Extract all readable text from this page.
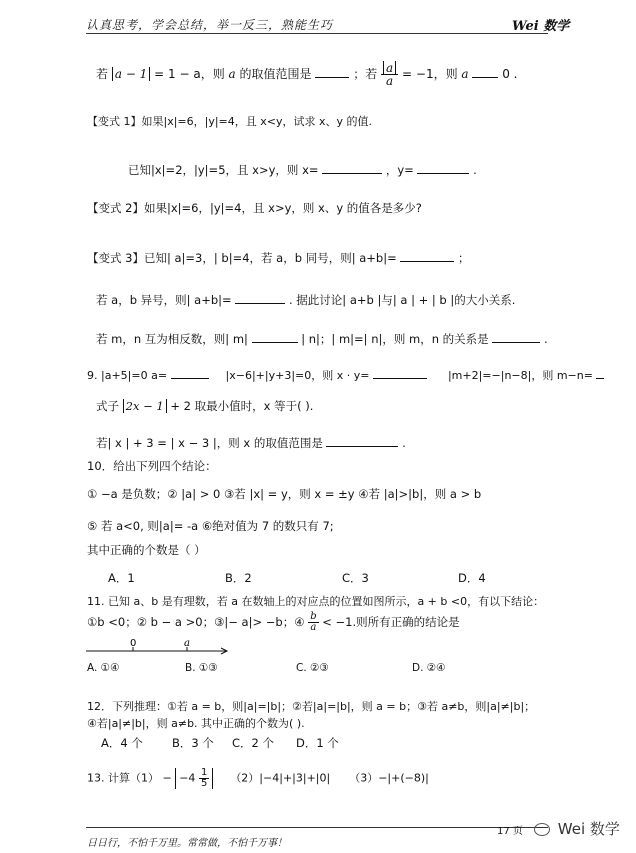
认真思考，学会总结，举一反三，熟能生巧	Wei 数学
若 a − 1 = 1 − a，则 a 的取值范围是	；若 $\frac{a}{a} = -1$，则 a	0 .
【变式 1】如果|x|=6，|y|=4，且 x<y，试求 x、y 的值.
已知|x|=2，|y|=5，且 x>y，则 x=	，y=	.
【变式 2】如果|x|=6，|y|=4，且 x>y，则 x、y 的值各是多少?
【变式 3】已知| a|=3，| b|=4，若 a，b 同号，则| a+b|=	；
若 a，b 异号，则| a+b|=	. 据此讨论| a+b |与| a | + | b |的大小关系.
若 m，n 互为相反数，则| m|	| n|；| m|=| n|，则 m，n 的关系是	.
9. |a+5|=0 a=	|x−6|+|y+3|=0，则 x · y=	|m+2|=−|n−8|，则 m−n=
式子 2x − 1 + 2 取最小值时，x 等于( ).
若| x | + 3 = | x − 3 |，则 x 的取值范围是	.
10．给出下列四个结论：
① −a 是负数；② |a| > 0 ③若 |x| = y，则 x = ±y ④若 |a|>|b|，则 a > b
⑤ 若 a<0, 则|a|= -a ⑥绝对值为 7 的数只有 7;
其中正确的个数是（ ）
A．1	B．2	C．3	D．4
11. 已知 a、b 是有理数，若 a 在数轴上的对应点的位置如图所示，a + b <0，有以下结论：
①b <0；② b − a >0；③|− a|> −b；④ $\frac{b}{a} < -1$.则所有正确的结论是
0	a
A. ①④	B. ①③	C. ②③	D. ②④
12．下列推理：①若 a = b，则|a|=|b|；②若|a|=|b|，则 a = b；③若 a≠b，则|a|≠|b|；
④若|a|≠|b|，则 a≠b. 其中正确的个数为( ).
A．4 个	B．3 个 C．2 个 D．1 个
13. 计算$(1) - -4 \frac{1}{5} (2)|-4|+|3|+|0|$ （3）−|+(−8)|
日日行，不怕千万里。常常做，不怕千万事！
17 页	Wei 数学
